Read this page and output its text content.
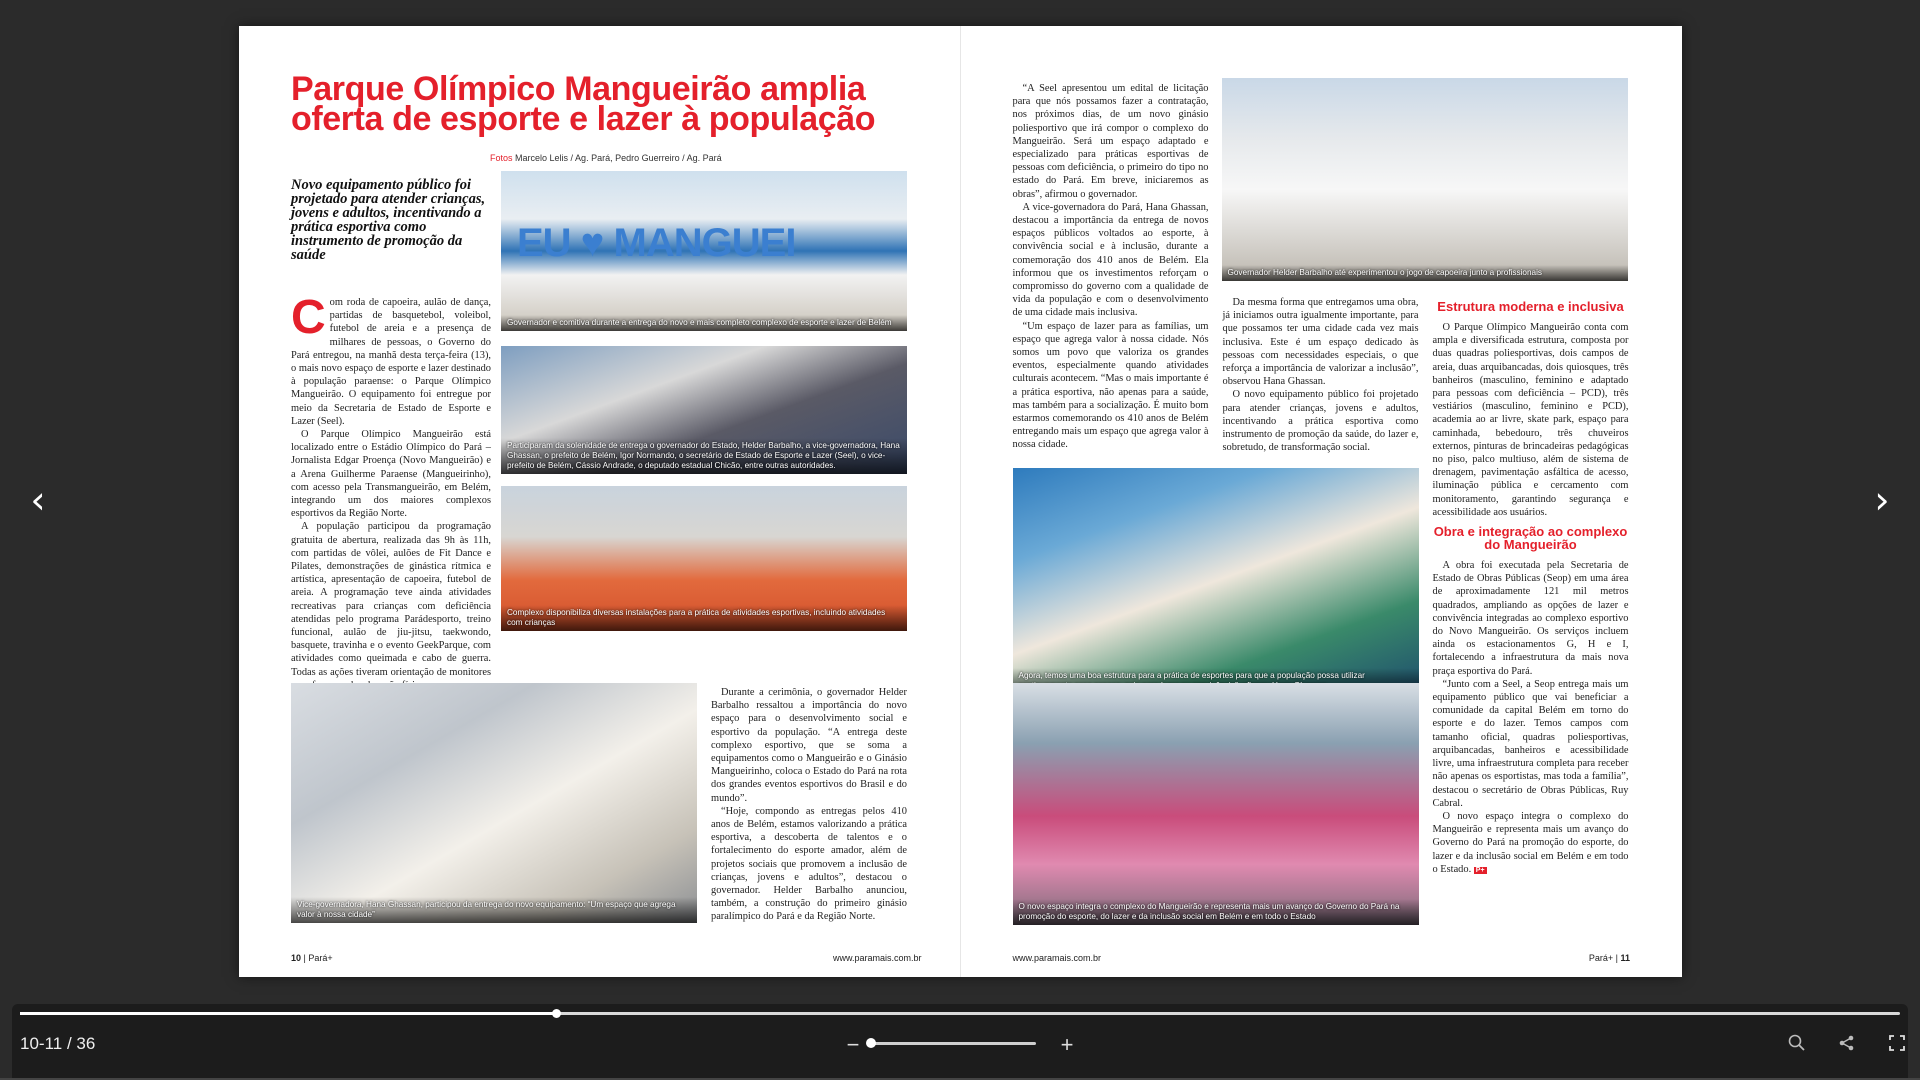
‹	›
Parque Olímpico Mangueirão amplia oferta de esporte e lazer à população
Fotos Marcelo Lelis / Ag. Pará, Pedro Guerreiro / Ag. Pará
Novo equipamento público foi projetado para atender crianças, jovens e adultos, incentivando a prática esportiva como instrumento de promoção da saúde
C om roda de capoeira, aulão de dança, partidas de basquetebol, voleibol, futebol de areia e a presença de milhares de pessoas, o Governo do Pará entregou, na manhã desta terça-feira (13), o mais novo espaço de esporte e lazer destinado à população paraense: o Parque Olímpico Mangueirão. O equipamento foi entregue por meio da Secretaria de Estado de Esporte e Lazer (Seel).

O Parque Olímpico Mangueirão está localizado entre o Estádio Olímpico do Pará – Jornalista Edgar Proença (Novo Mangueirão) e a Arena Guilherme Paraense (Mangueirinho), com acesso pela Transmangueirão, em Belém, integrando um dos maiores complexos esportivos da Região Norte.

A população participou da programação gratuita de abertura, realizada das 9h às 11h, com partidas de vôlei, aulões de Fit Dance e Pilates, demonstrações de ginástica rítmica e artística, apresentação de capoeira, futebol de areia. A programação teve ainda atividades recreativas para crianças com deficiência atendidas pelo programa Parádesporto, treino funcional, aulão de jiu-jitsu, taekwondo, basquete, travinha e o evento GeekParque, com atividades como queimada e cabo de guerra. Todas as ações tiveram orientação de monitores

EU ♥ MANGUEI
Governador e comitiva durante a entrega do novo e mais completo complexo de esporte e lazer de Belém
Participaram da solenidade de entrega o governador do Estado, Helder Barbalho, a vice-governadora, Hana Ghassan, o prefeito de Belém, Igor Normando, o secretário de Estado de Esporte e Lazer (Seel), o vice-prefeito de Belém, Cássio Andrade, o deputado estadual Chicão, entre outras autoridades.
Complexo disponibiliza diversas instalações para a prática de atividades esportivas, incluindo atividades com crianças
Vice-governadora, Hana Ghassan, participou da entrega do novo equipamento: “Um espaço que agrega valor à nossa cidade”

Durante a cerimônia, o governador Helder Barbalho ressaltou a importância do novo espaço para o desenvolvimento social e esportivo da população. “A entrega deste complexo esportivo, que se soma a equipamentos como o Mangueirão e o Ginásio Mangueirinho, coloca o Estado do Pará na rota dos grandes eventos esportivos do Brasil e do mundo”.

“Hoje, compondo as entregas pelos 410 anos de Belém, estamos valorizando a prática esportiva, a descoberta de talentos e o fortalecimento do esporte amador, além de projetos sociais que promovem a inclusão de crianças, jovens e adultos”, destacou o governador. Helder Barbalho anunciou, também, a construção do primeiro ginásio paralímpico do Pará e da Região Norte.

10 | Pará+	www.paramais.com.br

“A Seel apresentou um edital de licitação para que nós possamos fazer a contratação, nos próximos dias, de um novo ginásio poliesportivo que irá compor o complexo do Mangueirão. Será um espaço adaptado e especializado para práticas esportivas de pessoas com deficiência, o primeiro do tipo no estado do Pará. Em breve, iniciaremos as obras”, afirmou o governador.

A vice-governadora do Pará, Hana Ghassan, destacou a importância da entrega de novos espaços públicos voltados ao esporte, à convivência social e à inclusão, durante a comemoração dos 410 anos de Belém. Ela informou que os investimentos reforçam o compromisso do governo com a qualidade de vida da população e com o desenvolvimento de uma cidade mais inclusiva.

“Um espaço de lazer para as famílias, um espaço que agrega valor à nossa cidade. Nós somos um povo que valoriza os grandes eventos, especialmente quando atividades culturais acontecem. “Mas o mais importante é a prática esportiva, não apenas para a saúde, mas também para a socialização. É muito bom estarmos comemorando os 410 anos de Belém entregando mais um espaço que agrega valor à nossa cidade.

Governador Helder Barbalho até experimentou o jogo de capoeira junto a profissionais

Da mesma forma que entregamos uma obra, já iniciamos outra igualmente importante, para que possamos ter uma cidade cada vez mais inclusiva. Este é um espaço dedicado às pessoas com necessidades especiais, o que reforça a importância de valorizar a inclusão”, observou Hana Ghassan.

O novo equipamento público foi projetado para atender crianças, jovens e adultos, incentivando a prática esportiva como instrumento de promoção da saúde, do lazer e, sobretudo, de transformação social.

Agora, temos uma boa estrutura para a prática de esportes para que a população possa utilizar
O novo espaço integra o complexo do Mangueirão e representa mais um avanço do Governo do Pará na promoção do esporte, do lazer e da inclusão social em Belém e em todo o Estado
Estrutura moderna e inclusiva

O Parque Olímpico Mangueirão conta com ampla e diversificada estrutura, composta por duas quadras poliesportivas, dois campos de areia, duas arquibancadas, dois quiosques, três banheiros (masculino, feminino e adaptado para pessoas com deficiência – PCD), três vestiários (masculino, feminino e PCD), academia ao ar livre, skate park, espaço para caminhada, bebedouro, três chuveiros externos, pinturas de brincadeiras pedagógicas no piso, palco multiuso, além de sistema de drenagem, pavimentação asfáltica de acesso, iluminação pública e cercamento com monitoramento, garantindo segurança e acessibilidade aos usuários.

Obra e integração ao complexo do Mangueirão

A obra foi executada pela Secretaria de Estado de Obras Públicas (Seop) em uma área de aproximadamente 121 mil metros quadrados, ampliando as opções de lazer e convivência integradas ao complexo esportivo do Novo Mangueirão. Os serviços incluem ainda os estacionamentos G, H e I, fortalecendo a infraestrutura da mais nova praça esportiva do Pará.

“Junto com a Seel, a Seop entrega mais um equipamento público que vai beneficiar a comunidade da capital Belém em torno do esporte e do lazer. Temos campos com tamanho oficial, quadras poliesportivas, arquibancadas, banheiros e acessibilidade livre, uma infraestrutura completa para receber não apenas os esportistas, mas toda a família”, destacou o secretário de Obras Públicas, Ruy Cabral.

O novo espaço integra o complexo do Mangueirão e representa mais um avanço do Governo do Pará na promoção do esporte, do lazer e da inclusão social em Belém e em todo o Estado. P+

www.paramais.com.br	Pará+ | 11
10-11 / 36	−	+
